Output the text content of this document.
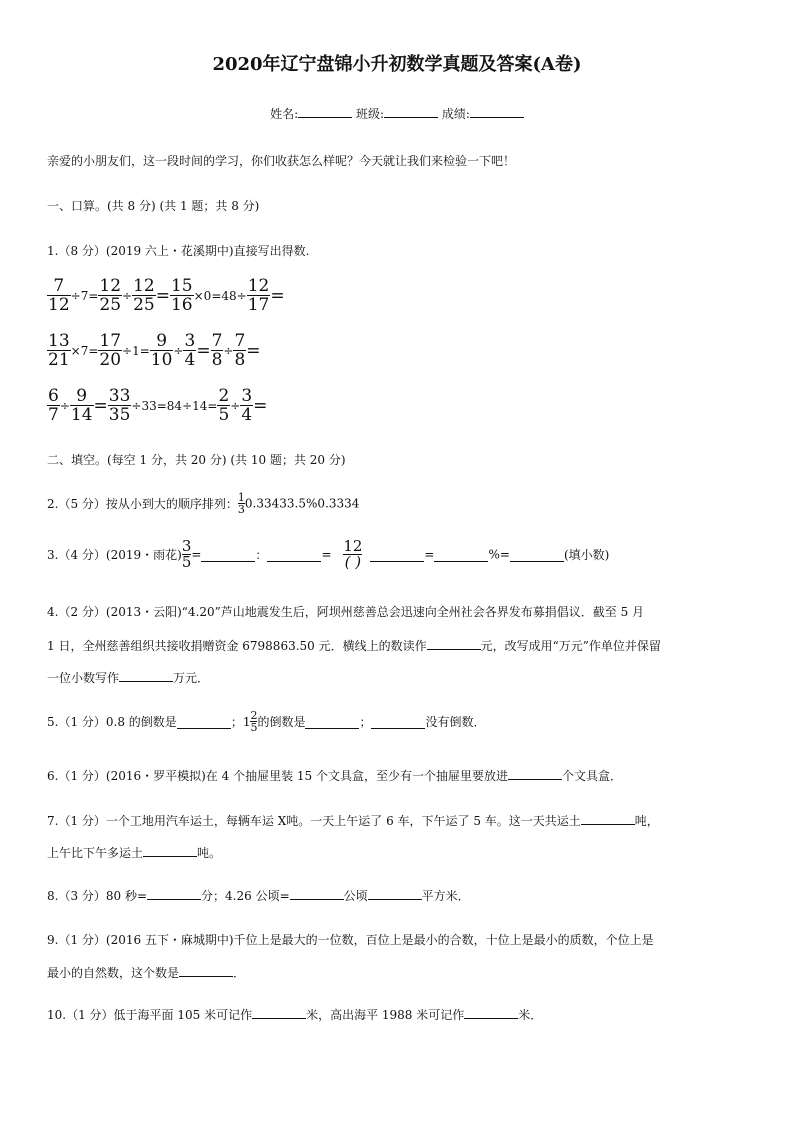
2020年辽宁盘锦小升初数学真题及答案(A卷)
姓名:	班级:	成绩:
亲爱的小朋友们，这一段时间的学习，你们收获怎么样呢？今天就让我们来检验一下吧！
一、口算。(共 8 分) (共 1 题；共 8 分)
1.（8 分）(2019 六上・花溪期中)直接写出得数.
$\frac{7}{12} \div 7= \frac{12}{25} \div \frac{12}{25} = \frac{15}{16} \times 0=48\div \frac{12}{17}$ =
$\frac{13}{21} \times 7= \frac{17}{20} \div 1= \frac{9}{10} \div \frac{3}{4} = \frac{7}{8} \div \frac{7}{8}$ =
$\frac{6}{7} \div \frac{9}{14} = \frac{33}{35} \div 33=84\div 14= \frac{2}{5} \div \frac{3}{4}$ =
二、填空。(每空 1 分，共 20 分) (共 10 题；共 20 分)
2.（5 分）按从小到大的顺序排列： $\frac{1}{3} 0.33433.5\%0.3334$
3.（4 分）(2019・雨花) $\frac{3}{5}$ =	：	= 12
( )	=	%=	(填小数)
4.（2 分）(2013・云阳)“4.20”芦山地震发生后，阿坝州慈善总会迅速向全州社会各界发布募捐倡议．截至 5 月
1 日，全州慈善组织共接收捐赠资金 6798863.50 元．横线上的数读作	元，改写成用“万元”作单位并保留
一位小数写作	万元．
5.（1 分）0.8 的倒数是	；$1 \frac{2}{5}$ 的倒数是	；	没有倒数．
6.（1 分）(2016・罗平模拟)在 4 个抽屉里装 15 个文具盒，至少有一个抽屉里要放进	个文具盒．
7.（1 分）一个工地用汽车运土，每辆车运 X吨。一天上午运了 6 车，下午运了 5 车。这一天共运土	吨，
上午比下午多运土	吨。
8.（3 分）80 秒=	分；4.26 公顷=	公顷	平方米．
9.（1 分）(2016 五下・麻城期中)千位上是最大的一位数，百位上是最小的合数，十位上是最小的质数，个位上是
最小的自然数，这个数是	．
10.（1 分）低于海平面 105 米可记作	米，高出海平 1988 米可记作	米．
